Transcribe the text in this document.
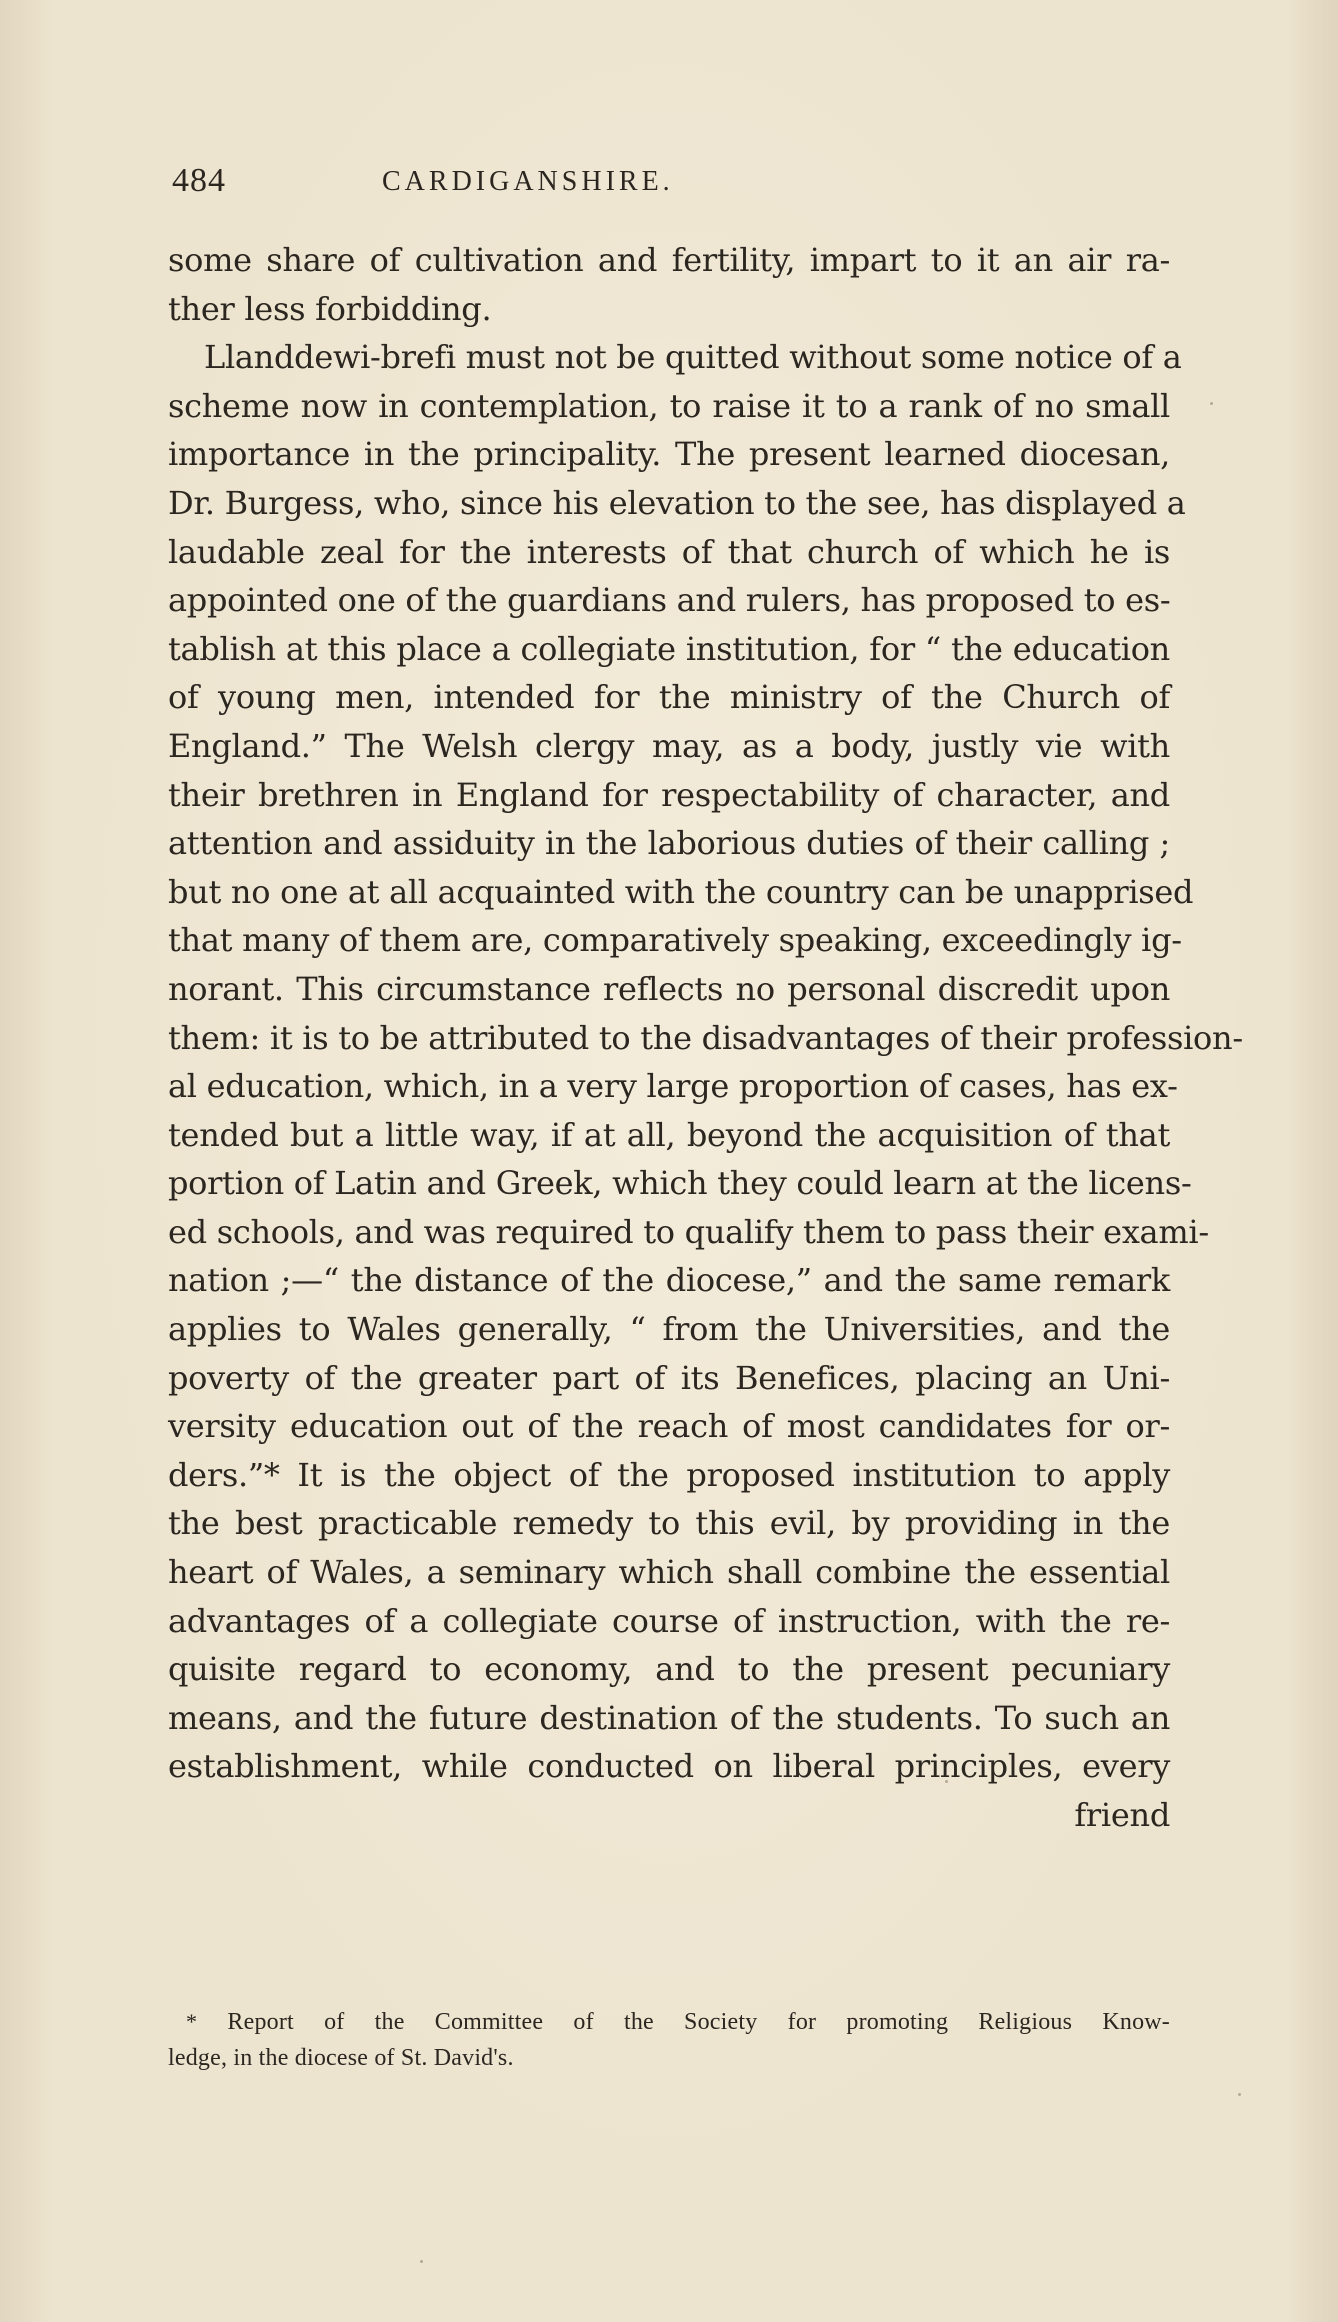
484	CARDIGANSHIRE.
some share of cultivation and fertility, impart to it an air ra-
ther less forbidding.
Llanddewi-brefi must not be quitted without some notice of a
scheme now in contemplation, to raise it to a rank of no small
importance in the principality. The present learned diocesan,
Dr. Burgess, who, since his elevation to the see, has displayed a
laudable zeal for the interests of that church of which he is
appointed one of the guardians and rulers, has proposed to es-
tablish at this place a collegiate institution, for “ the education
of young men, intended for the ministry of the Church of
England.” The Welsh clergy may, as a body, justly vie with
their brethren in England for respectability of character, and
attention and assiduity in the laborious duties of their calling ;
but no one at all acquainted with the country can be unapprised
that many of them are, comparatively speaking, exceedingly ig-
norant. This circumstance reflects no personal discredit upon
them: it is to be attributed to the disadvantages of their profession-
al education, which, in a very large proportion of cases, has ex-
tended but a little way, if at all, beyond the acquisition of that
portion of Latin and Greek, which they could learn at the licens-
ed schools, and was required to qualify them to pass their exami-
nation ;—“ the distance of the diocese,” and the same remark
applies to Wales generally, “ from the Universities, and the
poverty of the greater part of its Benefices, placing an Uni-
versity education out of the reach of most candidates for or-
ders.”* It is the object of the proposed institution to apply
the best practicable remedy to this evil, by providing in the
heart of Wales, a seminary which shall combine the essential
advantages of a collegiate course of instruction, with the re-
quisite regard to economy, and to the present pecuniary
means, and the future destination of the students. To such an
establishment, while conducted on liberal principles, every
friend
* Report of the Committee of the Society for promoting Religious Know-
ledge, in the diocese of St. David's.
